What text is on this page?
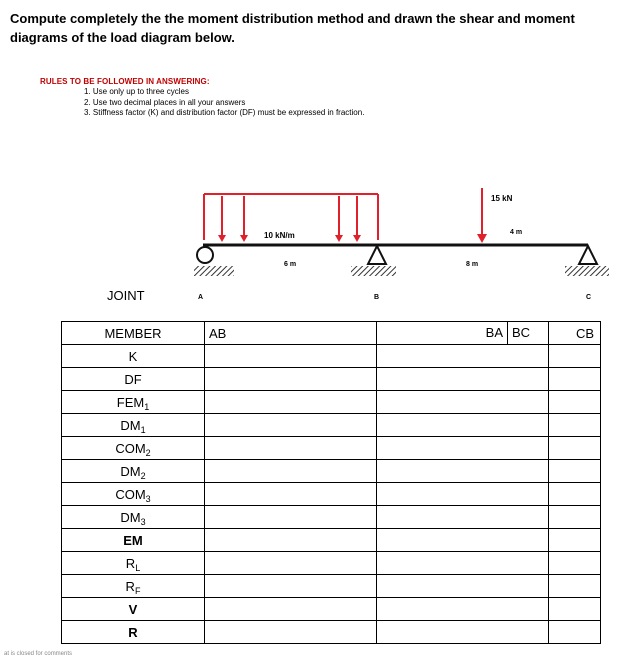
Compute completely the the moment distribution method and drawn the shear and moment diagrams of the load diagram below.
RULES TO BE FOLLOWED IN ANSWERING:
1. Use only up to three cycles
2. Use two decimal places in all your answers
3. Stiffness factor (K) and distribution factor (DF) must be expressed in fraction.
10 kN/m
15 kN
6 m	8 m
4 m
JOINT	A	B	C
MEMBER	AB	BA BC	CB
K			
DF			
$FEM_1$			
$DM_1$			
$COM_2$			
$DM_2$			
$COM_3$			
$DM_3$			
EM			
$R_L$			
$R_F$			
V			
R			
at is closed for comments
